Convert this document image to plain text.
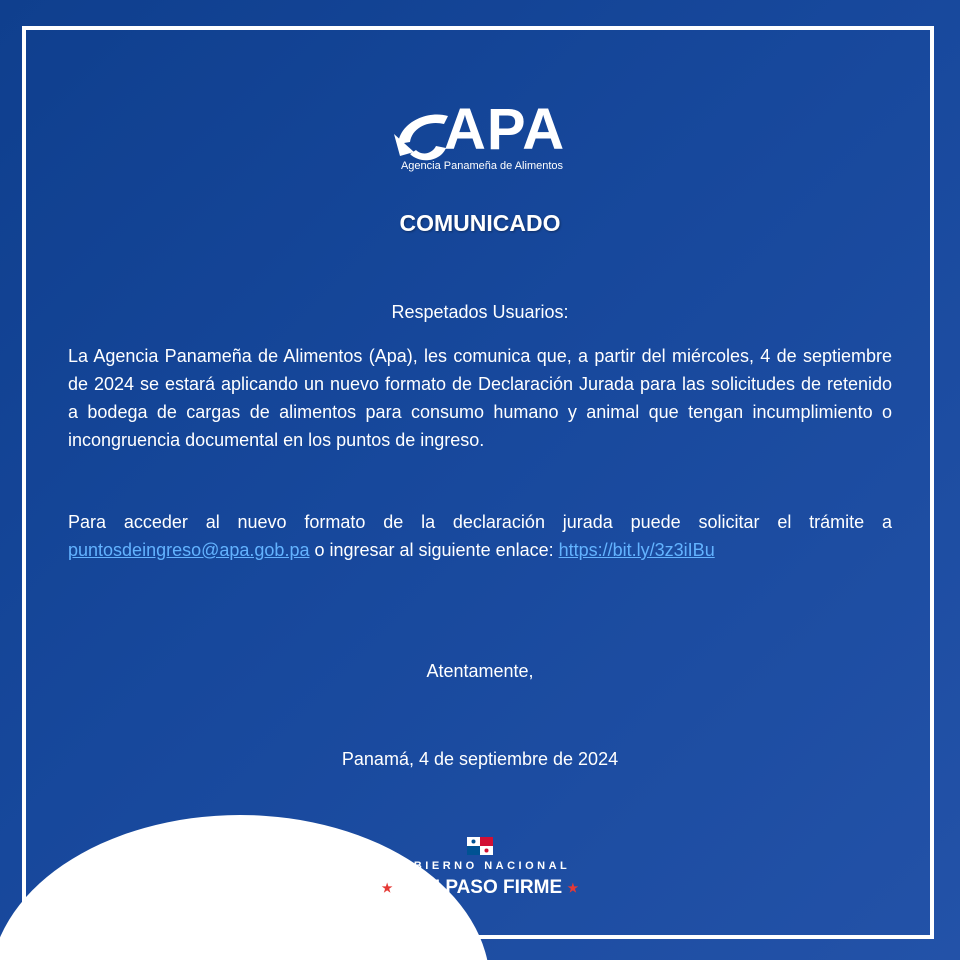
APA
Agencia Panameña de Alimentos
COMUNICADO
Respetados Usuarios:
La Agencia Panameña de Alimentos (Apa), les comunica que, a partir del miércoles, 4 de septiembre de 2024 se estará aplicando un nuevo formato de Declaración Jurada para las solicitudes de retenido a bodega de cargas de alimentos para consumo humano y animal que tengan incumplimiento o incongruencia documental en los puntos de ingreso.
Para acceder al nuevo formato de la declaración jurada puede solicitar el trámite a puntosdeingreso@apa.gob.pa o ingresar al siguiente enlace: https://bit.ly/3z3iIBu
Atentamente,
Panamá, 4 de septiembre de 2024
GOBIERNO NACIONAL
★ CON PASO FIRME ★
